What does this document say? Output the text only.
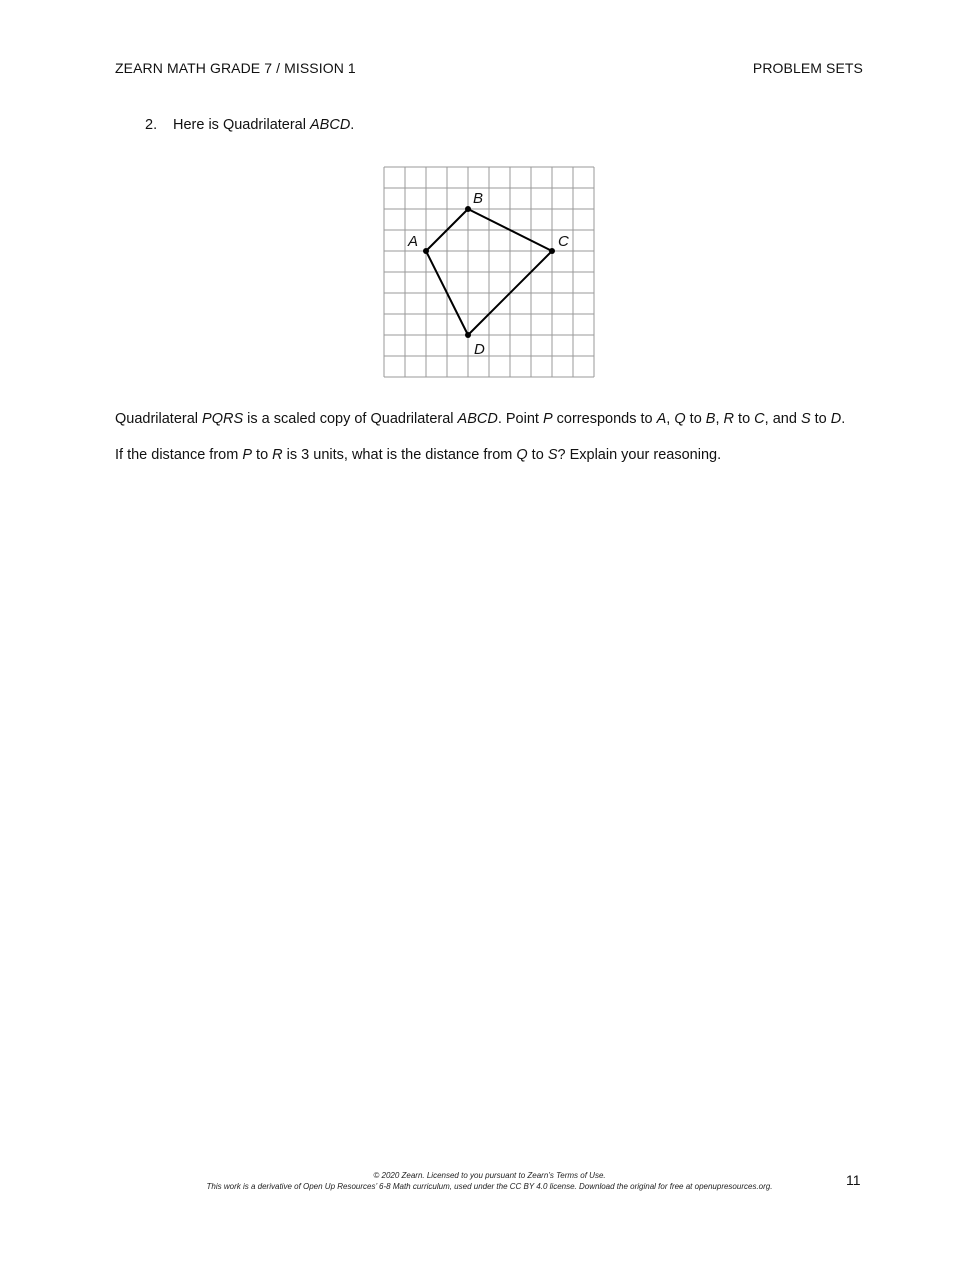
ZEARN MATH GRADE 7 / MISSION 1	PROBLEM SETS
2. Here is Quadrilateral ABCD.
A
B
C
D
Quadrilateral PQRS is a scaled copy of Quadrilateral ABCD. Point P corresponds to A, Q to B, R to C, and S to D.
If the distance from P to R is 3 units, what is the distance from Q to S? Explain your reasoning.
© 2020 Zearn. Licensed to you pursuant to Zearn’s Terms of Use.
This work is a derivative of Open Up Resources’ 6-8 Math curriculum, used under the CC BY 4.0 license. Download the original for free at openupresources.org.	11
